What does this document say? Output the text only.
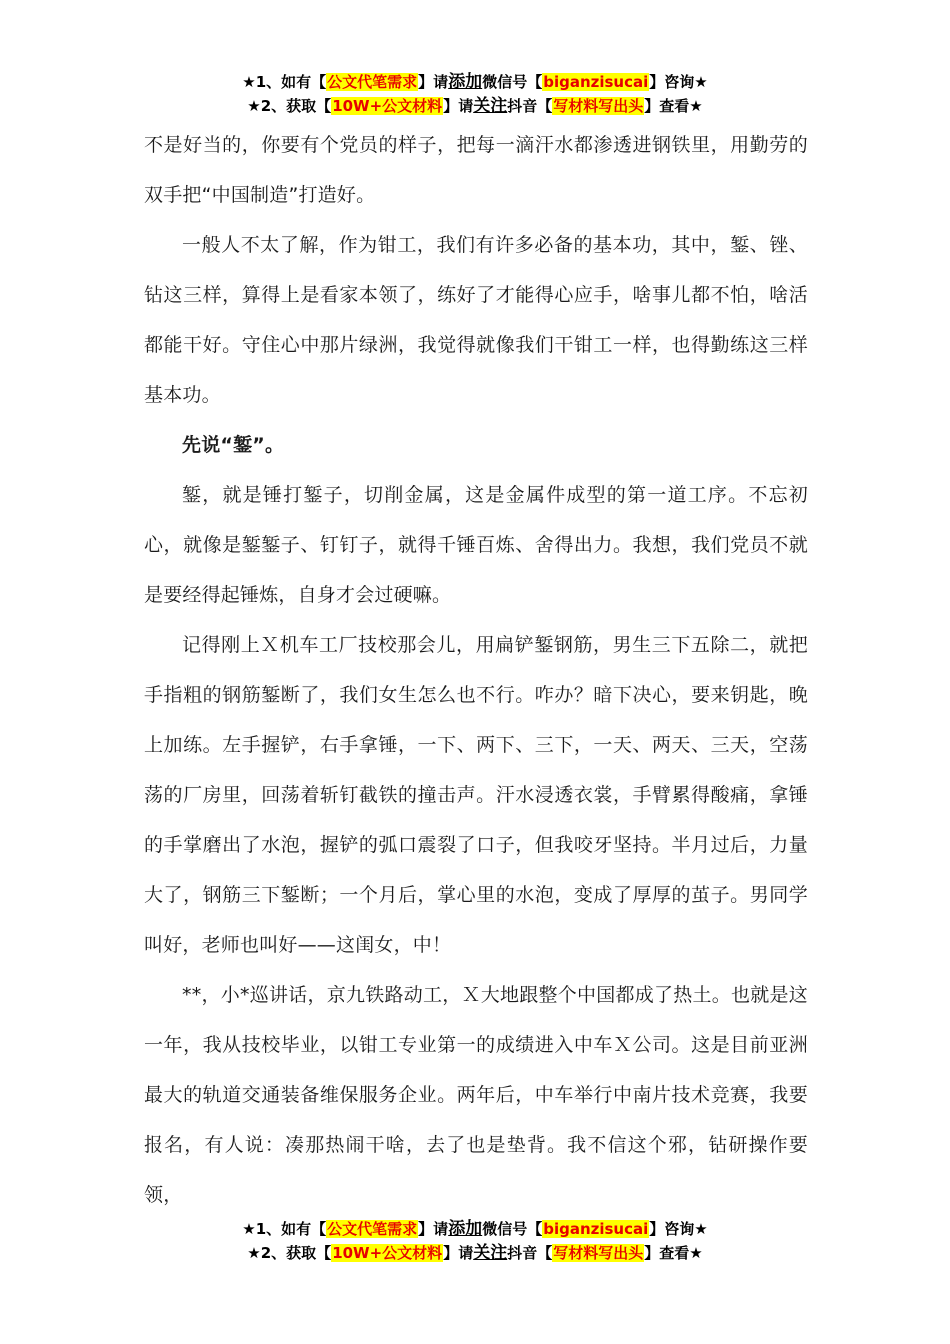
★1、如有【公文代笔需求】请添加微信号【biganzisucai】咨询★
★2、获取【10W+公文材料】请关注抖音【写材料写出头】查看★

不是好当的，你要有个党员的样子，把每一滴汗水都渗透进钢铁里，用勤劳的双手把“中国制造”打造好。

一般人不太了解，作为钳工，我们有许多必备的基本功，其中，錾、锉、钻这三样，算得上是看家本领了，练好了才能得心应手，啥事儿都不怕，啥活都能干好。守住心中那片绿洲，我觉得就像我们干钳工一样，也得勤练这三样基本功。

先说“錾”。

錾，就是锤打錾子，切削金属，这是金属件成型的第一道工序。不忘初心，就像是錾錾子、钉钉子，就得千锤百炼、舍得出力。我想，我们党员不就是要经得起锤炼，自身才会过硬嘛。

记得刚上Ｘ机车工厂技校那会儿，用扁铲錾钢筋，男生三下五除二，就把手指粗的钢筋錾断了，我们女生怎么也不行。咋办？暗下决心，要来钥匙，晚上加练。左手握铲，右手拿锤，一下、两下、三下，一天、两天、三天，空荡荡的厂房里，回荡着斩钉截铁的撞击声。汗水浸透衣裳，手臂累得酸痛，拿锤的手掌磨出了水泡，握铲的弧口震裂了口子，但我咬牙坚持。半月过后，力量大了，钢筋三下錾断；一个月后，掌心里的水泡，变成了厚厚的茧子。男同学叫好，老师也叫好——这闺女，中！

**，小*巡讲话，京九铁路动工，Ｘ大地跟整个中国都成了热土。也就是这一年，我从技校毕业，以钳工专业第一的成绩进入中车Ｘ公司。这是目前亚洲最大的轨道交通装备维保服务企业。两年后，中车举行中南片技术竞赛，我要报名，有人说：凑那热闹干啥，去了也是垫背。我不信这个邪，钻研操作要领，

★1、如有【公文代笔需求】请添加微信号【biganzisucai】咨询★
★2、获取【10W+公文材料】请关注抖音【写材料写出头】查看★
